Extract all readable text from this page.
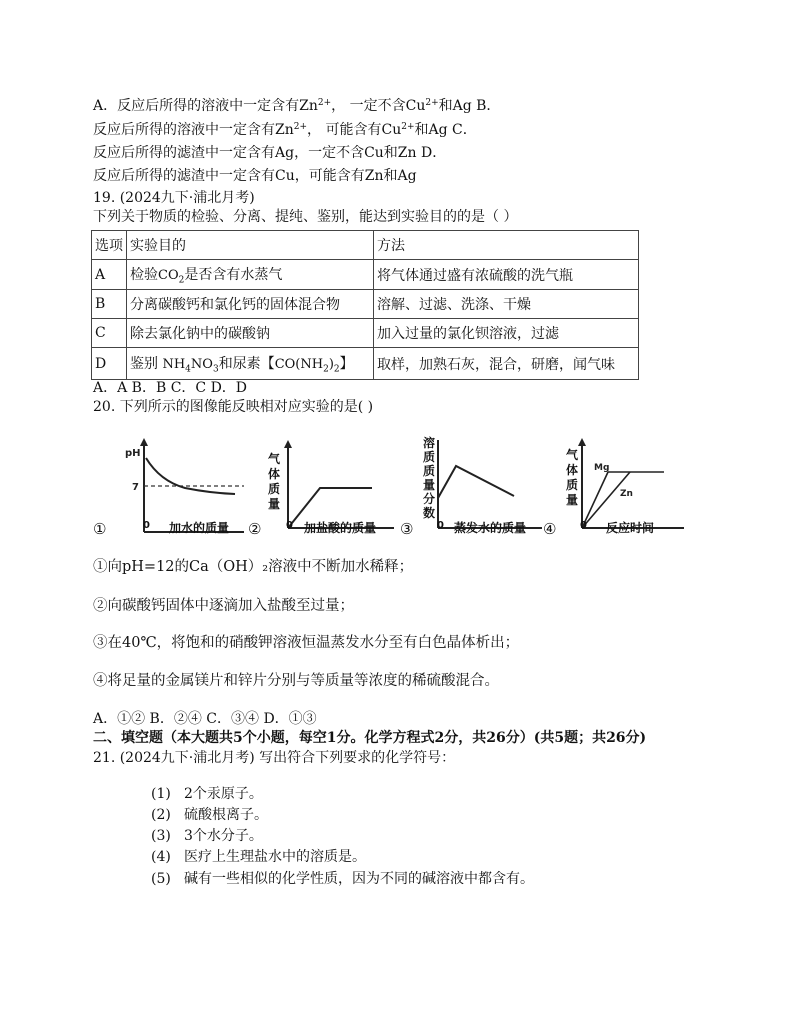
A．反应后所得的溶液中一定含有$Zn^{2+}$， 一定不含$Cu^{2+}$和Ag B．
反应后所得的溶液中一定含有$Zn^{2+}$， 可能含有$Cu^{2+}$和Ag C．
反应后所得的滤渣中一定含有Ag，一定不含Cu和Zn D．
反应后所得的滤渣中一定含有Cu，可能含有Zn和Ag
19. (2024九下·浦北月考)
下列关于物质的检验、分离、提纯、鉴别，能达到实验目的的是（ ）
选项	实验目的	方法
A	检验$CO_2$是否含有水蒸气	将气体通过盛有浓硫酸的洗气瓶
B	分离碳酸钙和氯化钙的固体混合物	溶解、过滤、洗涤、干燥
C	除去氯化钠中的碳酸钠	加入过量的氯化钡溶液，过滤
D	鉴别 $NH_4NO_3$和尿素【$CO(NH_2)_2$】	取样，加熟石灰，混合，研磨，闻气味
A．A B．B C．C D．D
20. 下列所示的图像能反映相对应实验的是( )
①
pH
7
0 加水的质量 ②
气体质量
0 加盐酸的质量 ③
溶质质量分数
0 蒸发水的质量 ④
Mg
Zn
气体质量
0 反应时间
①向pH=12的Ca（OH）₂溶液中不断加水稀释；
②向碳酸钙固体中逐滴加入盐酸至过量；
③在40℃，将饱和的硝酸钾溶液恒温蒸发水分至有白色晶体析出；
④将足量的金属镁片和锌片分别与等质量等浓度的稀硫酸混合。
A．①② B．②④ C．③④ D．①③
二、填空题（本大题共5个小题，每空1分。化学方程式2分，共26分）(共5题；共26分)
21. (2024九下·浦北月考) 写出符合下列要求的化学符号：
(1) 2个汞原子。
(2) 硫酸根离子。
(3) 3个水分子。
(4) 医疗上生理盐水中的溶质是。
(5) 碱有一些相似的化学性质，因为不同的碱溶液中都含有。
